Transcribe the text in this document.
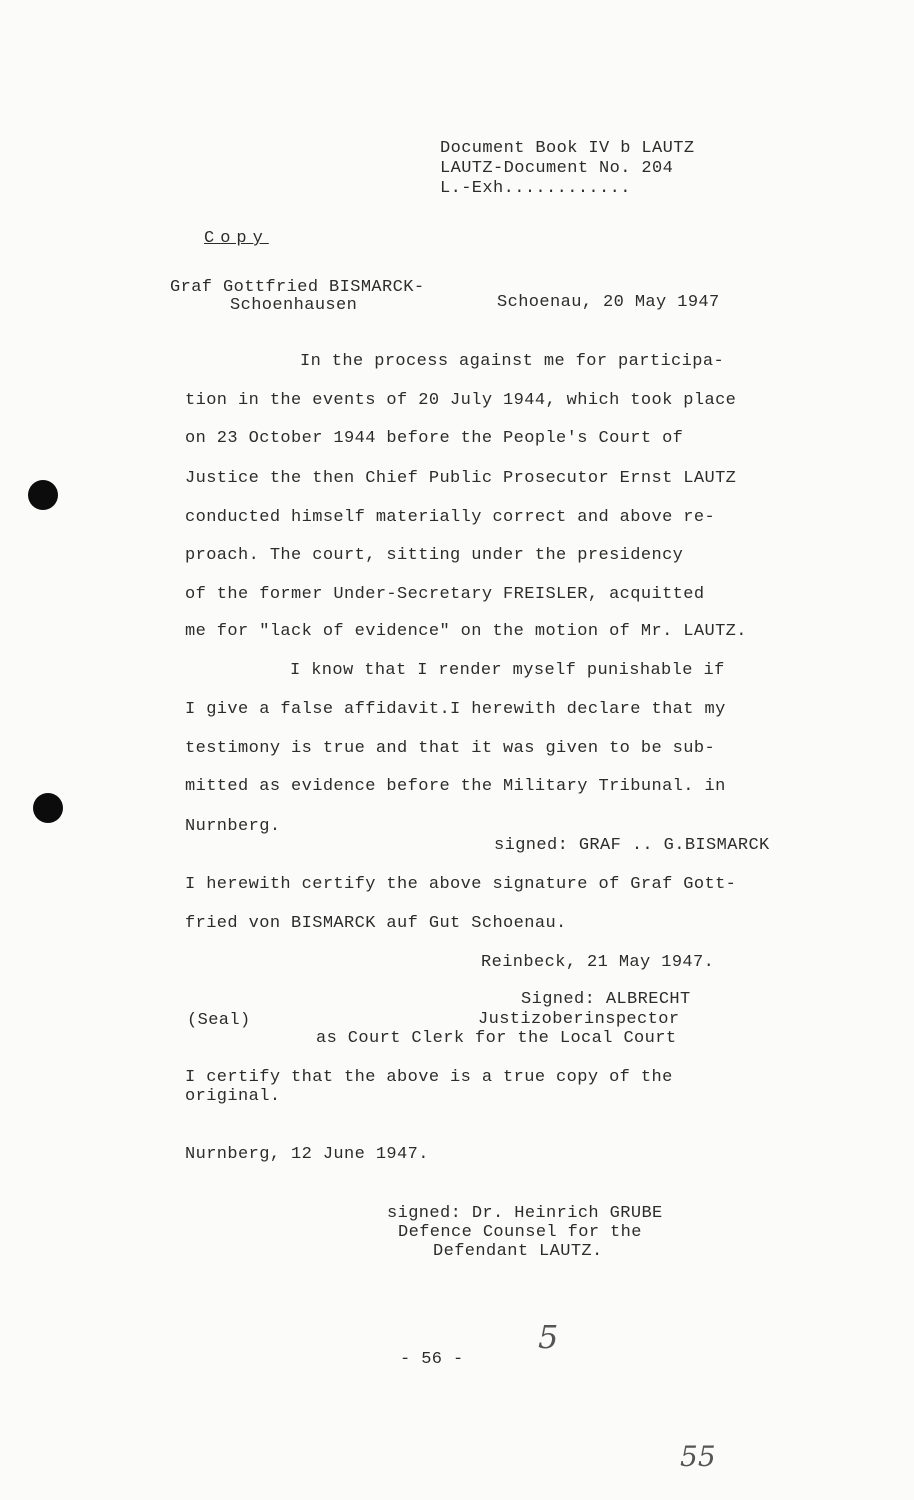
Document Book IV b LAUTZ
LAUTZ-Document No. 204
L.-Exh............
Copy
Graf Gottfried BISMARCK-
Schoenhausen	Schoenau, 20 May 1947
In the process against me for participa-
tion in the events of 20 July 1944, which took place
on 23 October 1944 before the People's Court of
Justice the then Chief Public Prosecutor Ernst LAUTZ
conducted himself materially correct and above re-
proach. The court, sitting under the presidency
of the former Under-Secretary FREISLER, acquitted
me for "lack of evidence" on the motion of Mr. LAUTZ.
I know that I render myself punishable if
I give a false affidavit.I herewith declare that my
testimony is true and that it was given to be sub-
mitted as evidence before the Military Tribunal. in
Nurnberg.
signed: GRAF .. G.BISMARCK
I herewith certify the above signature of Graf Gott-
fried von BISMARCK auf Gut Schoenau.
Reinbeck, 21 May 1947.
Signed: ALBRECHT
(Seal)	Justizoberinspector
as Court Clerk for the Local Court
I certify that the above is a true copy of the
original.
Nurnberg, 12 June 1947.
signed: Dr. Heinrich GRUBE
Defence Counsel for the
Defendant LAUTZ.
- 56 -
5
55
